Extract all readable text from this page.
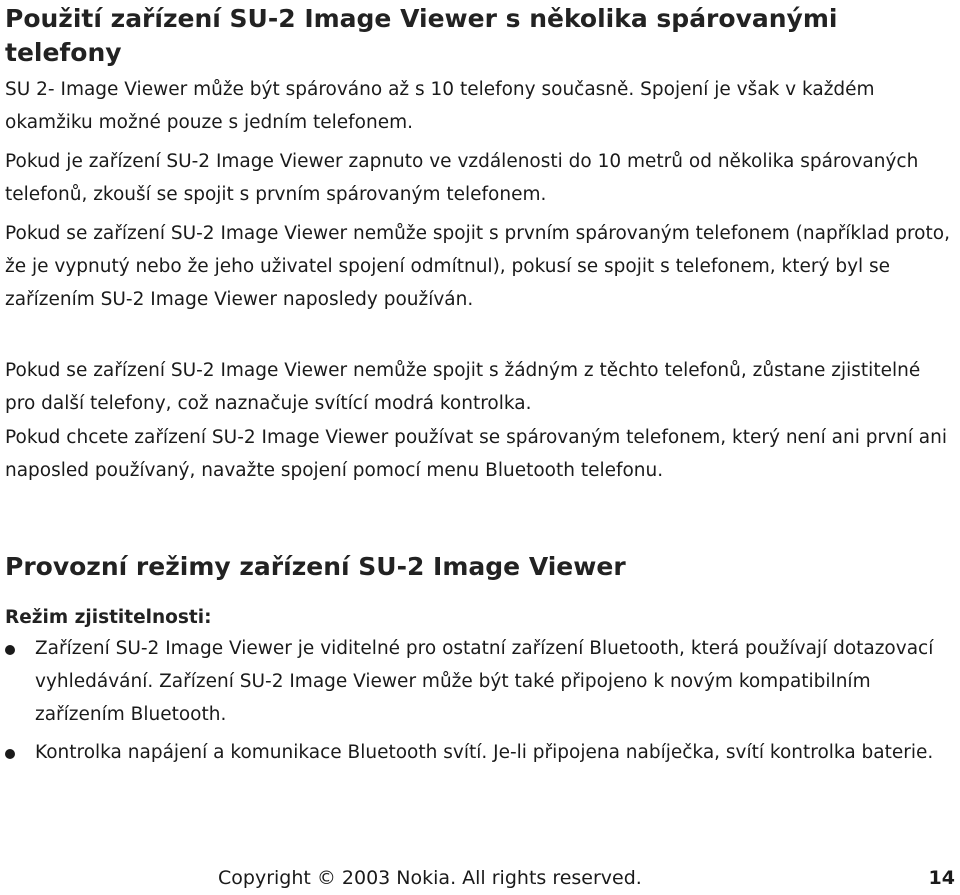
Použití zařízení SU-2 Image Viewer s několika spárovanými telefony

SU 2- Image Viewer může být spárováno až s 10 telefony současně. Spojení je však v každém okamžiku možné pouze s jedním telefonem.

Pokud je zařízení SU-2 Image Viewer zapnuto ve vzdálenosti do 10 metrů od několika spárovaných telefonů, zkouší se spojit s prvním spárovaným telefonem.

Pokud se zařízení SU-2 Image Viewer nemůže spojit s prvním spárovaným telefonem (například proto, že je vypnutý nebo že jeho uživatel spojení odmítnul), pokusí se spojit s telefonem, který byl se zařízením SU-2 Image Viewer naposledy používán.

Pokud se zařízení SU-2 Image Viewer nemůže spojit s žádným z těchto telefonů, zůstane zjistitelné pro další telefony, což naznačuje svítící modrá kontrolka.

Pokud chcete zařízení SU-2 Image Viewer používat se spárovaným telefonem, který není ani první ani naposled používaný, navažte spojení pomocí menu Bluetooth telefonu.

Provozní režimy zařízení SU-2 Image Viewer
Režim zjistitelnosti:

Zařízení SU-2 Image Viewer je viditelné pro ostatní zařízení Bluetooth, která používají dotazovací vyhledávání. Zařízení SU-2 Image Viewer může být také připojeno k novým kompatibilním zařízením Bluetooth.

Kontrolka napájení a komunikace Bluetooth svítí. Je-li připojena nabíječka, svítí kontrolka baterie.

Copyright © 2003 Nokia. All rights reserved.	14
